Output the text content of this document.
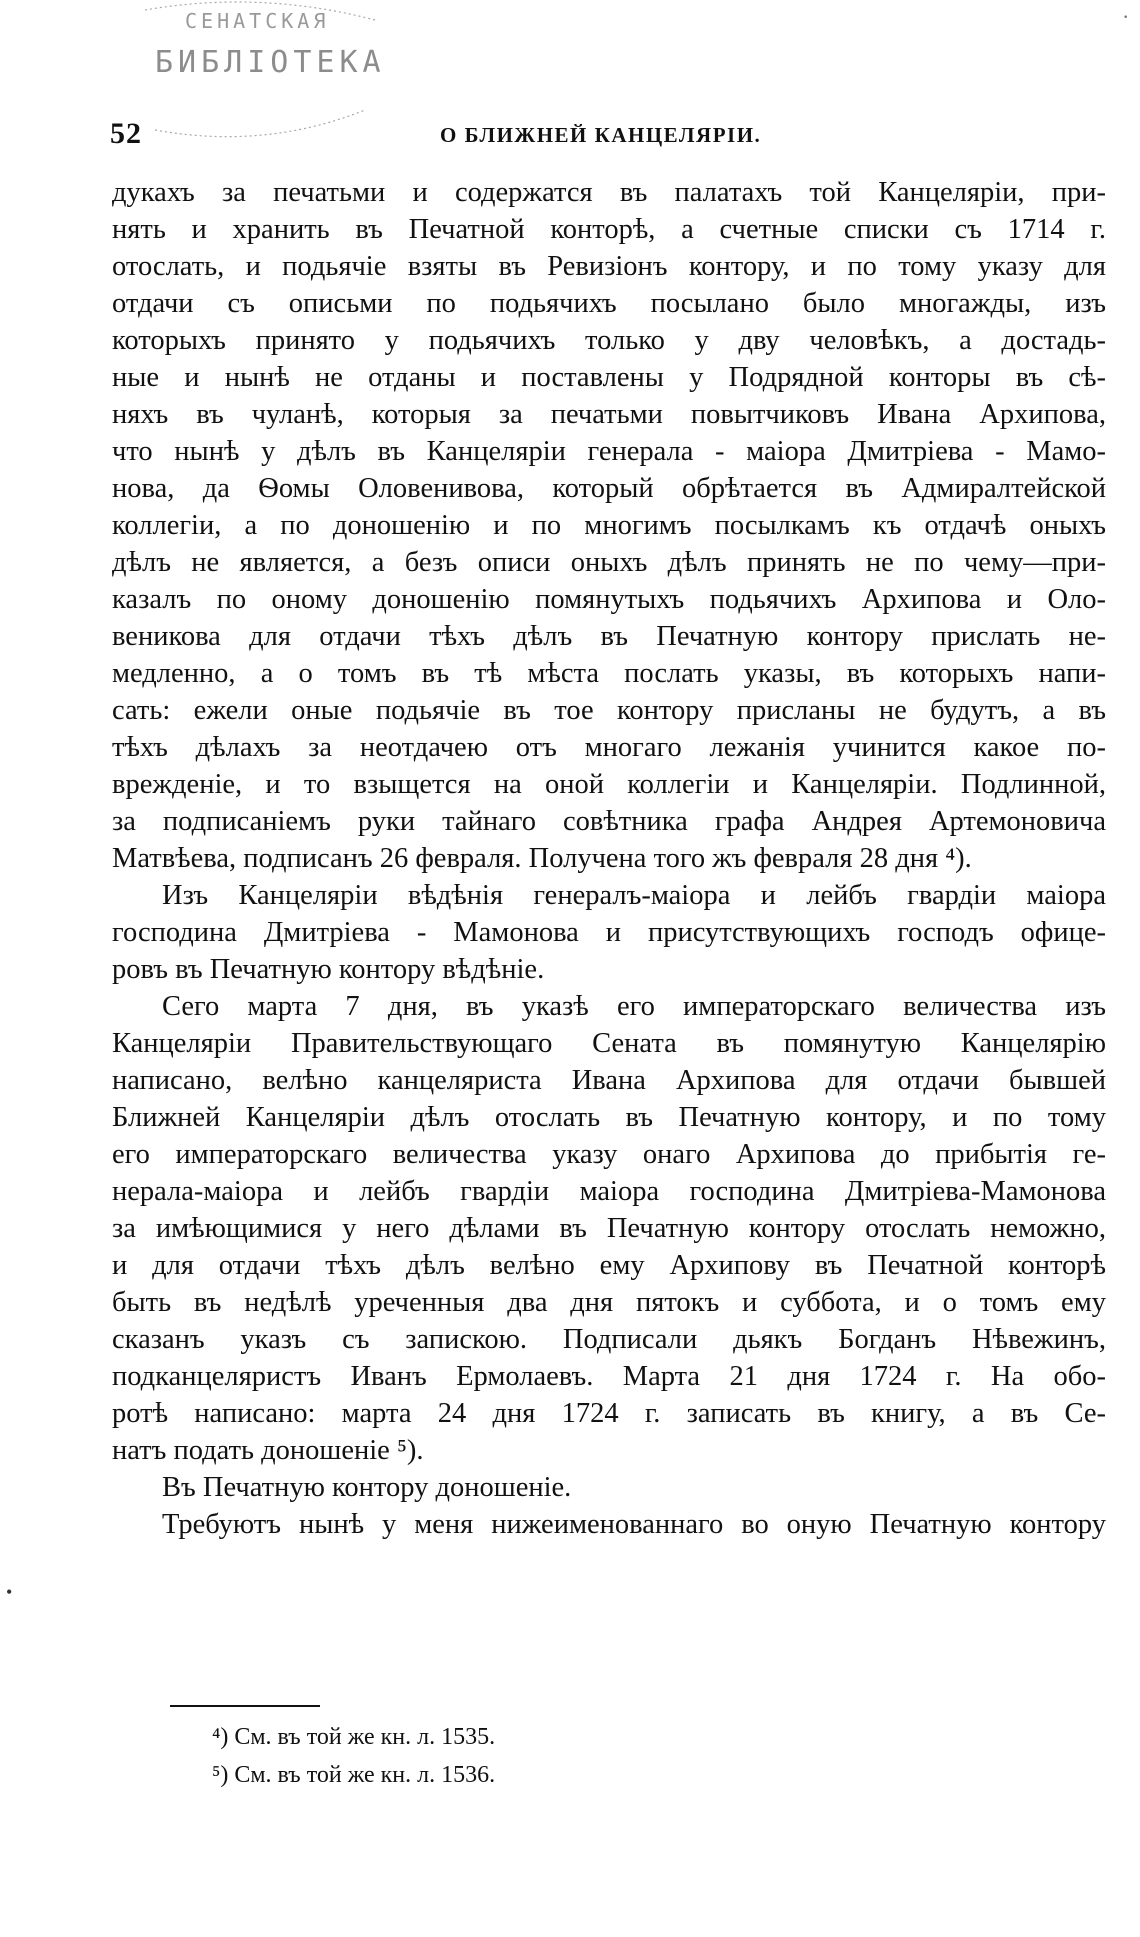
СЕНАТСКАЯ
БИБЛІОТЕКА
·
52	О БЛИЖНЕЙ КАНЦЕЛЯРІИ.
дукахъ за печатьми и содержатся въ палатахъ той Канцеляріи, при-
нять и хранить въ Печатной конторѣ, а счетные списки съ 1714 г.
отослать, и подьячіе взяты въ Ревизіонъ контору, и по тому указу для
отдачи съ описьми по подьячихъ посылано было многажды, изъ
которыхъ принято у подьячихъ только у дву человѣкъ, а достадь-
ные и нынѣ не отданы и поставлены у Подрядной конторы въ сѣ-
няхъ въ чуланѣ, которыя за печатьми повытчиковъ Ивана Архипова,
что нынѣ у дѣлъ въ Канцеляріи генерала - маіора Дмитріева - Мамо-
нова, да Ѳомы Оловенивова, который обрѣтается въ Адмиралтейской
коллегіи, а по доношенію и по многимъ посылкамъ къ отдачѣ оныхъ
дѣлъ не является, а безъ описи оныхъ дѣлъ принять не по чему—при-
казалъ по оному доношенію помянутыхъ подьячихъ Архипова и Оло-
веникова для отдачи тѣхъ дѣлъ въ Печатную контору прислать не-
медленно, а о томъ въ тѣ мѣста послать указы, въ которыхъ напи-
сать: ежели оные подьячіе въ тое контору присланы не будутъ, а въ
тѣхъ дѣлахъ за неотдачею отъ многаго лежанія учинится какое по-
врежденіе, и то взыщется на оной коллегіи и Канцеляріи. Подлинной,
за подписаніемъ руки тайнаго совѣтника графа Андрея Артемоновича
Матвѣева, подписанъ 26 февраля. Получена того жъ февраля 28 дня ⁴).
Изъ Канцеляріи вѣдѣнія генералъ-маіора и лейбъ гвардіи маіора
господина Дмитріева - Мамонова и присутствующихъ господъ офице-
ровъ въ Печатную контору вѣдѣніе.
Сего марта 7 дня, въ указѣ его императорскаго величества изъ
Канцеляріи Правительствующаго Сената въ помянутую Канцелярію
написано, велѣно канцеляриста Ивана Архипова для отдачи бывшей
Ближней Канцеляріи дѣлъ отослать въ Печатную контору, и по тому
его императорскаго величества указу онаго Архипова до прибытія ге-
нерала-маіора и лейбъ гвардіи маіора господина Дмитріева-Мамонова
за имѣющимися у него дѣлами въ Печатную контору отослать неможно,
и для отдачи тѣхъ дѣлъ велѣно ему Архипову въ Печатной конторѣ
быть въ недѣлѣ уреченныя два дня пятокъ и суббота, и о томъ ему
сказанъ указъ съ запискою. Подписали дьякъ Богданъ Нѣвежинъ,
подканцеляристъ Иванъ Ермолаевъ. Марта 21 дня 1724 г. На обо-
ротѣ написано: марта 24 дня 1724 г. записать въ книгу, а въ Се-
натъ подать доношеніе ⁵).
Въ Печатную контору доношеніе.
Требуютъ нынѣ у меня нижеименованнаго во оную Печатную контору
•
⁴) См. въ той же кн. л. 1535.
⁵) См. въ той же кн. л. 1536.
